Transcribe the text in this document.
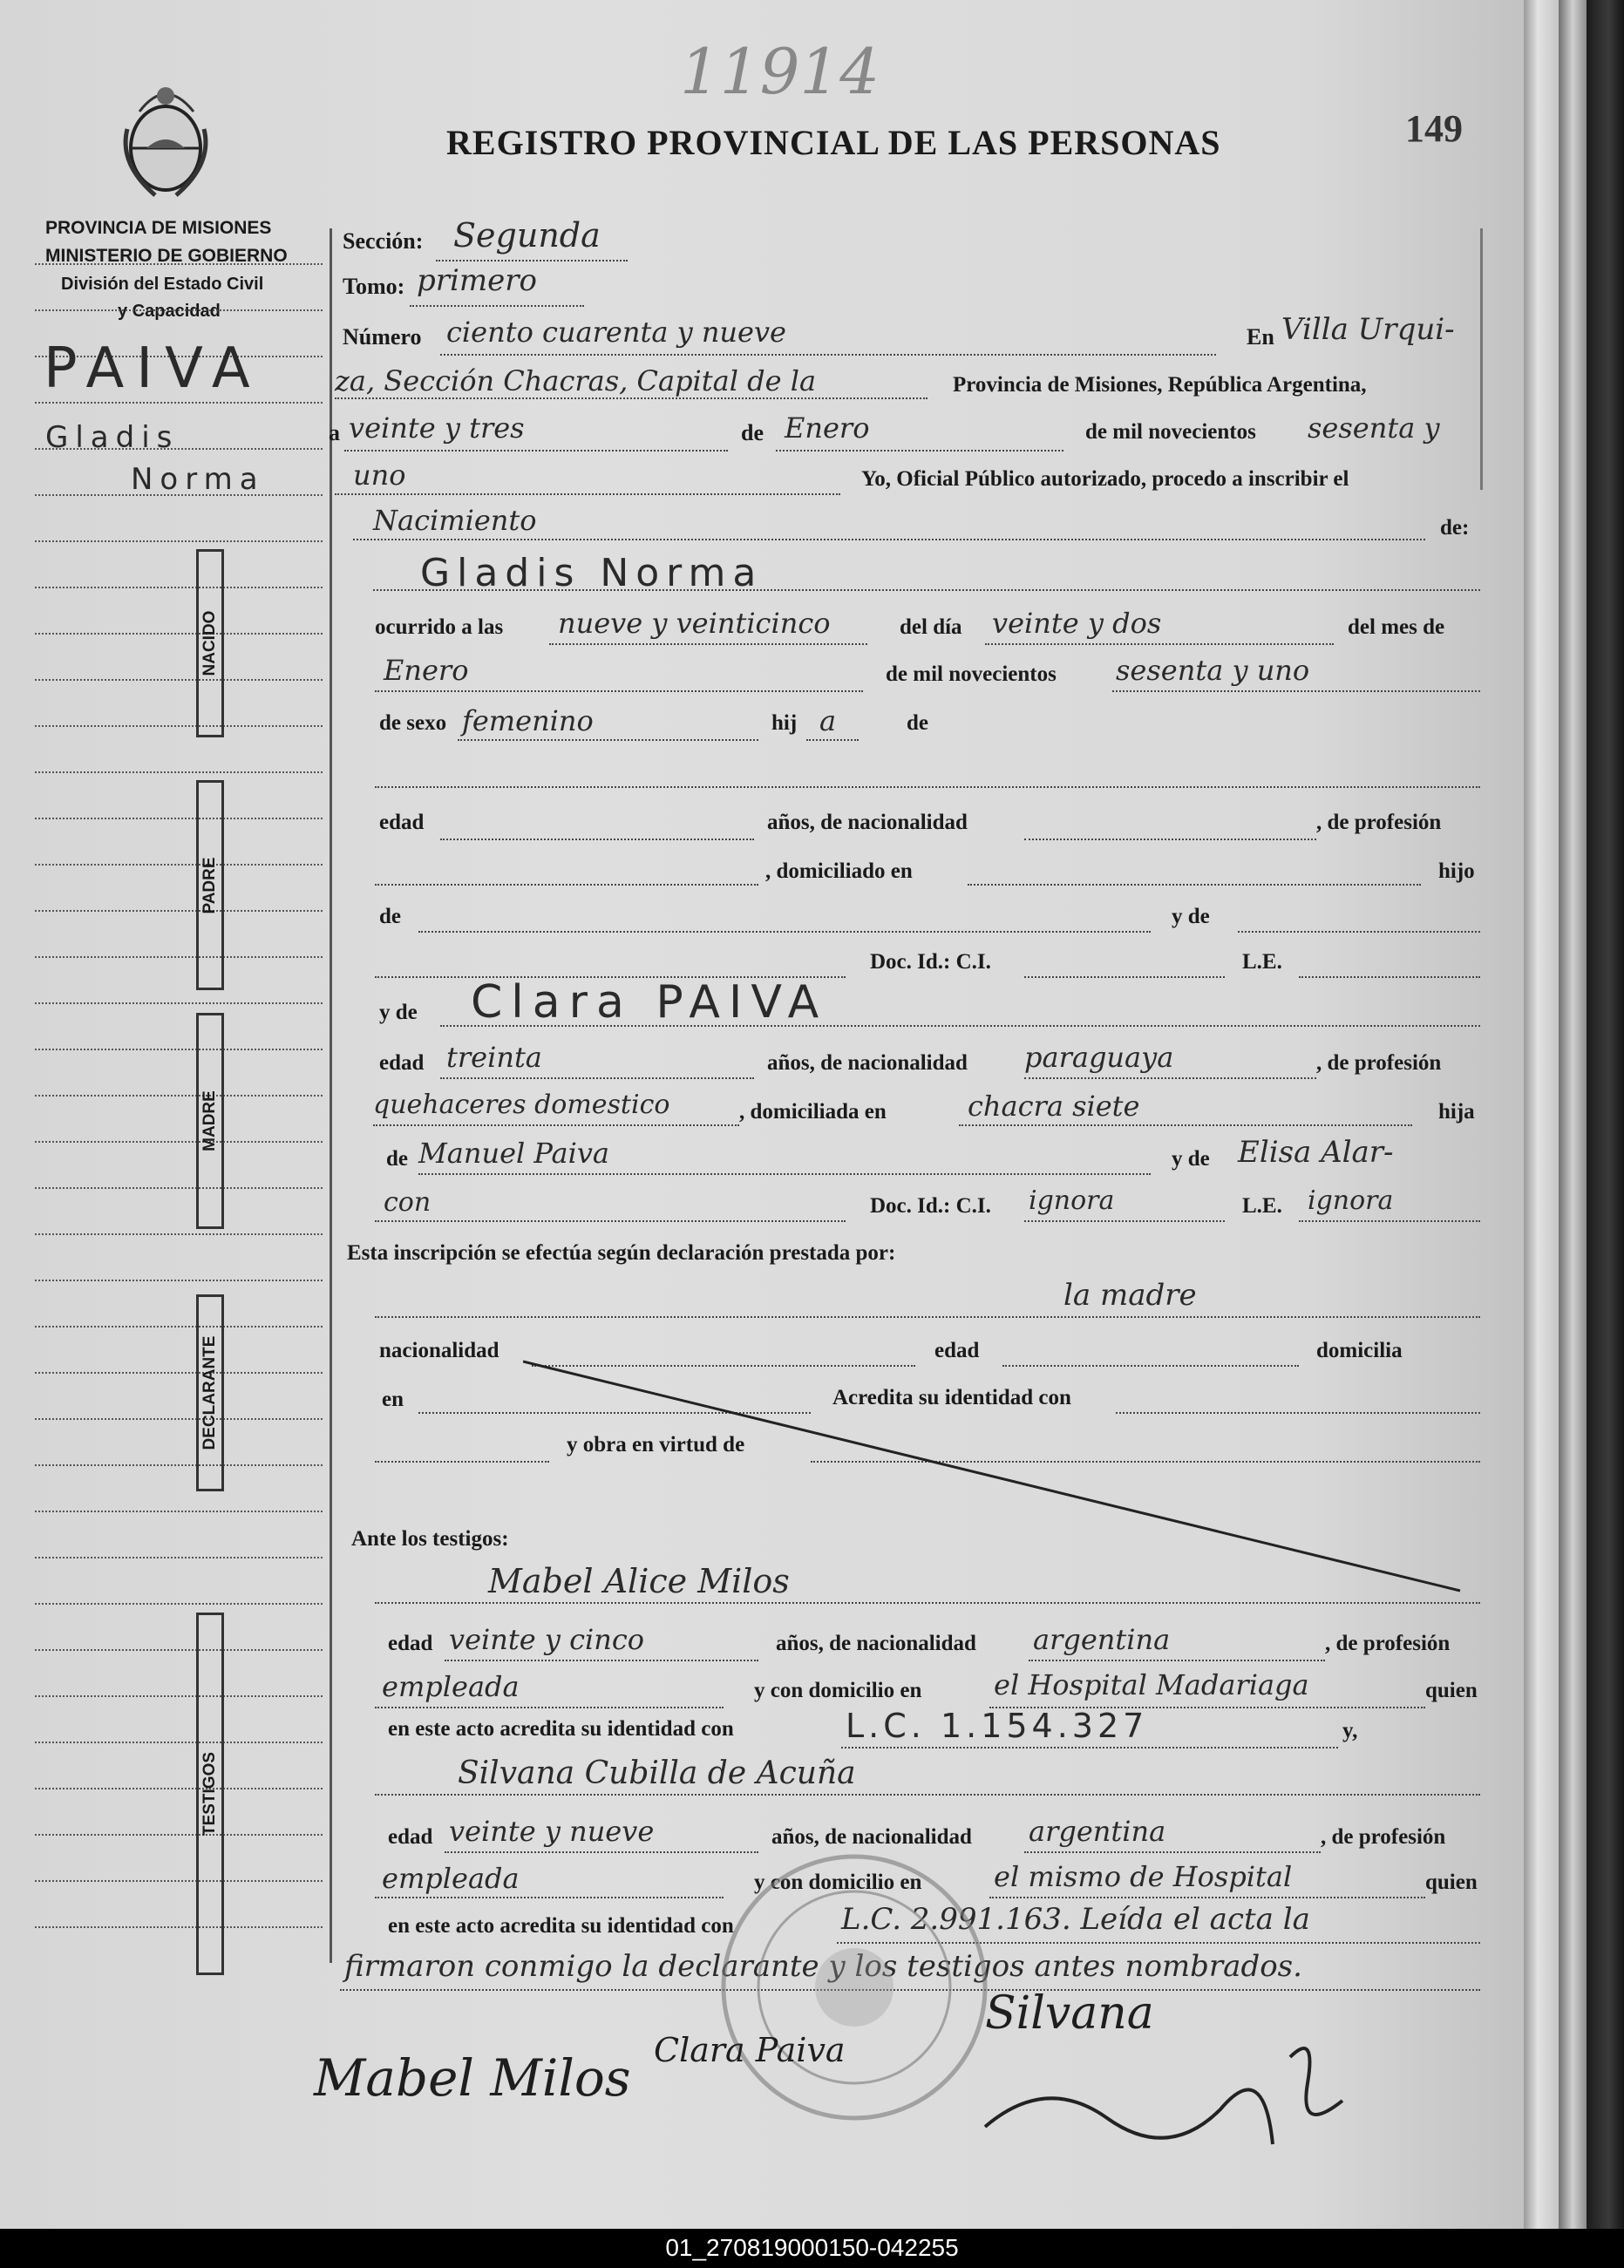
REGISTRO PROVINCIAL DE LAS PERSONAS	149
11914
PROVINCIA DE MISIONES
MINISTERIO DE GOBIERNO
División del Estado Civil
y Capacidad
PAIVA
Gladis
Norma
Sección: Segunda
Tomo: primero
Número ciento cuarenta y nueve	En Villa Urqui-
za, Sección Chacras, Capital de la	Provincia de Misiones, República Argentina,
a veinte y tres	de Enero	de mil novecientos sesenta y
uno	Yo, Oficial Público autorizado, procedo a inscribir el
Nacimiento	de:
NACIDO
Gladis Norma
ocurrido a las nueve y veinticinco	del día veinte y dos	del mes de
Enero	de mil novecientos sesenta y uno
de sexo femenino	hij a	de
PADRE
edad	años, de nacionalidad	, de profesión
, domiciliado en	hijo
de	y de
Doc. Id.: C.I.	L.E.
y de Clara PAIVA
MADRE
edad treinta	años, de nacionalidad paraguaya	, de profesión
quehaceres domestico	, domiciliada en	chacra siete	hija
de Manuel Paiva	y de Elisa Alar-
con	Doc. Id.: C.I. ignora	L.E. ignora
Esta inscripción se efectúa según declaración prestada por:
la madre
DECLARANTE	nacionalidad	edad	domicilia
en	Acredita su identidad con
y obra en virtud de
Ante los testigos:
Mabel Alice Milos
TESTIGOS
edad veinte y cinco	años, de nacionalidad argentina	, de profesión
empleada	y con domicilio en	el Hospital Madariaga	quien
en este acto acredita su identidad con	L.C. 1.154.327	y,
Silvana Cubilla de Acuña
edad veinte y nueve	años, de nacionalidad argentina	, de profesión
empleada	y con domicilio en	el mismo de Hospital	quien
en este acto acredita su identidad con	L.C. 2.991.163. Leída el acta la
firmaron conmigo la declarante y los testigos antes nombrados.
Mabel Milos Clara Paiva
Silvana
01_270819000150-042255
